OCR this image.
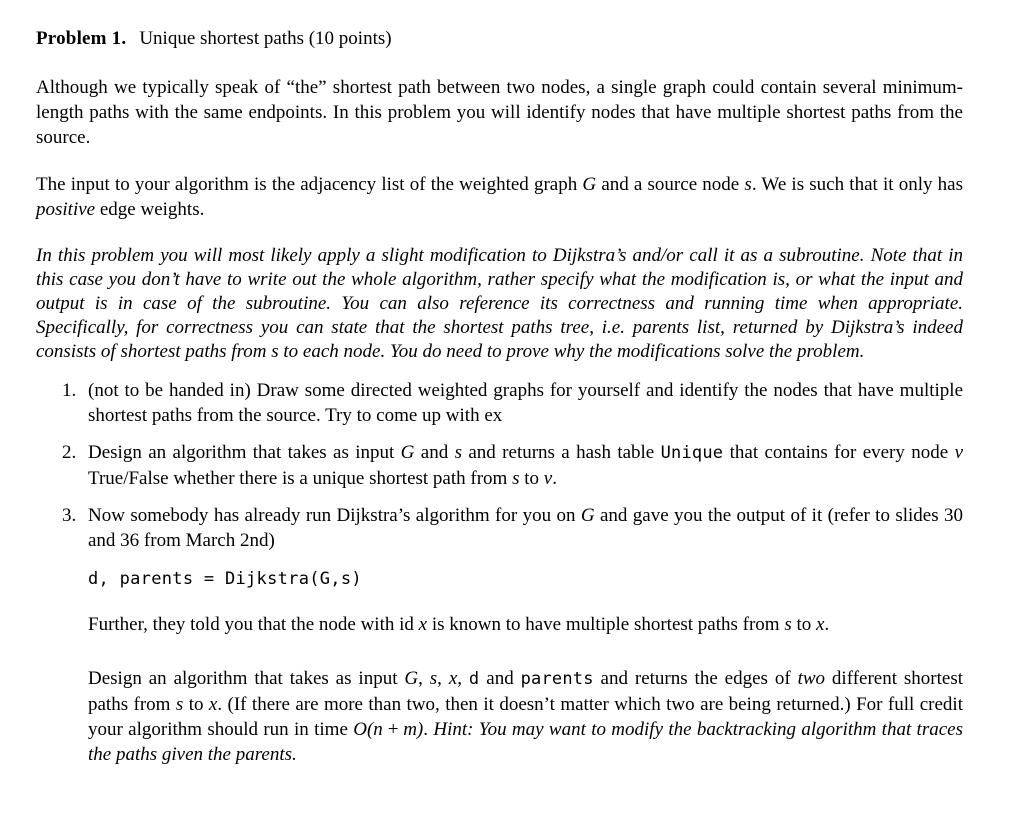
Problem 1. Unique shortest paths (10 points)

Although we typically speak of “the” shortest path between two nodes, a single graph could contain several minimum-length paths with the same endpoints. In this problem you will identify nodes that have multiple shortest paths from the source.

The input to your algorithm is the adjacency list of the weighted graph G and a source node s. We is such that it only has positive edge weights.

In this problem you will most likely apply a slight modification to Dijkstra’s and/or call it as a subroutine. Note that in this case you don’t have to write out the whole algorithm, rather specify what the modification is, or what the input and output is in case of the subroutine. You can also reference its correctness and running time when appropriate. Specifically, for correctness you can state that the shortest paths tree, i.e. parents list, returned by Dijkstra’s indeed consists of shortest paths from s to each node. You do need to prove why the modifications solve the problem.

1. (not to be handed in) Draw some directed weighted graphs for yourself and identify the nodes that have multiple shortest paths from the source. Try to come up with ex
2. Design an algorithm that takes as input G and s and returns a hash table Unique that contains for every node v True/False whether there is a unique shortest path from s to v.
3. Now somebody has already run Dijkstra’s algorithm for you on G and gave you the output of it (refer to slides 30 and 36 from March 2nd)
d, parents = Dijkstra(G,s)

Further, they told you that the node with id x is known to have multiple shortest paths from s to x.

Design an algorithm that takes as input G, s, x, d and parents and returns the edges of two different shortest paths from s to x. (If there are more than two, then it doesn’t matter which two are being returned.) For full credit your algorithm should run in time O(n + m). Hint: You may want to modify the backtracking algorithm that traces the paths given the parents.
